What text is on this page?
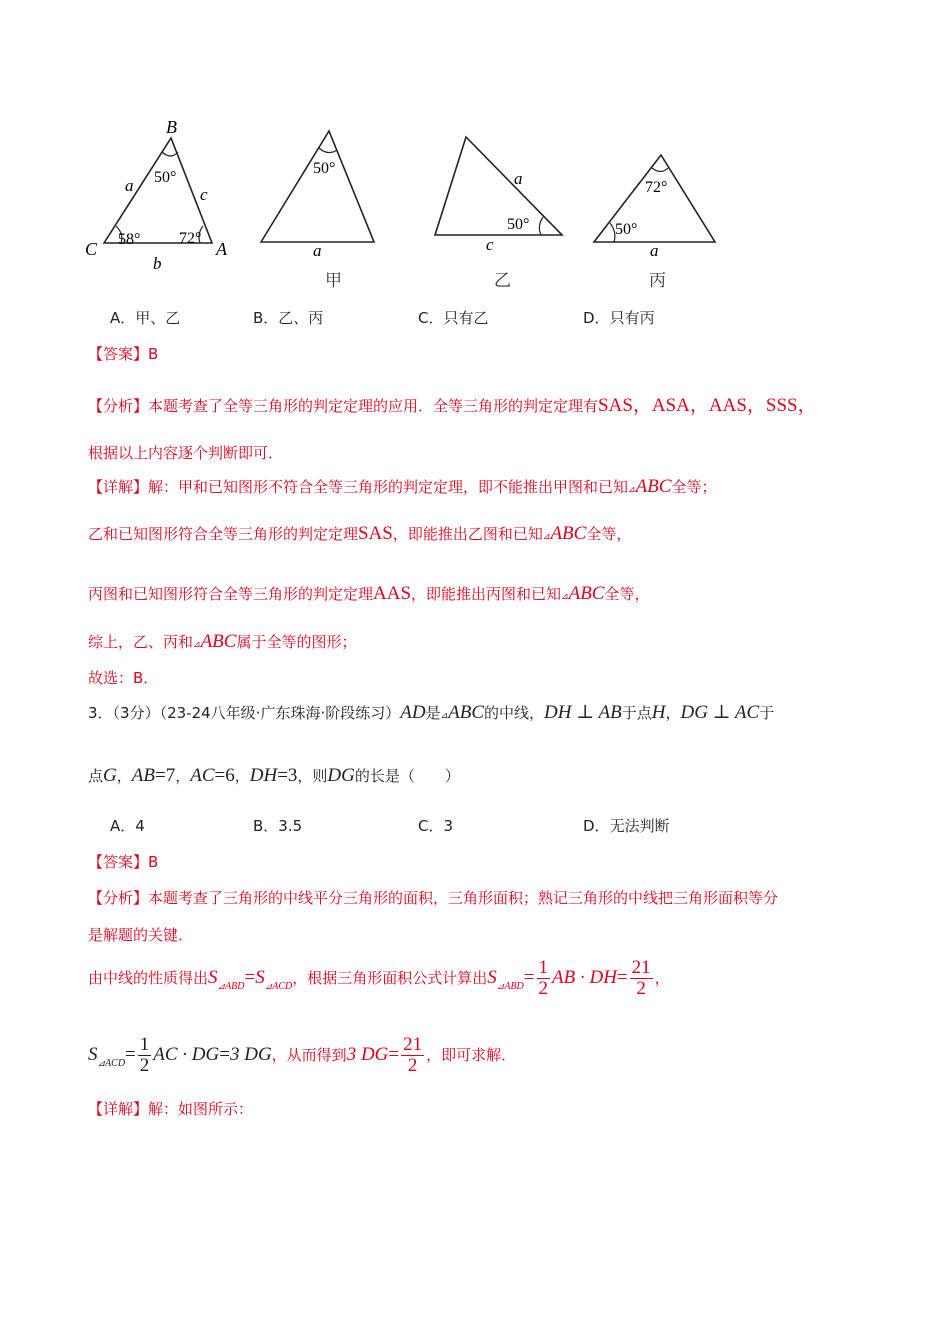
B
C	A
a	c
b
50°
58° 72°
50°
a
a
50°
c
72°
50°
a
甲	乙	丙
A．甲、乙	B．乙、丙	C．只有乙	D．只有丙
【答案】B
【分析】本题考查了全等三角形的判定定理的应用．全等三角形的判定定理有SAS，ASA，AAS，SSS，
根据以上内容逐个判断即可．
【详解】解：甲和已知图形不符合全等三角形的判定定理，即不能推出甲图和已知⊿ABC全等；
乙和已知图形符合全等三角形的判定定理SAS，即能推出乙图和已知⊿ABC全等，
丙图和已知图形符合全等三角形的判定定理AAS，即能推出丙图和已知⊿ABC全等，
综上，乙、丙和⊿ABC属于全等的图形；
故选：B．
3．（3分）（23-24八年级·广东珠海·阶段练习）AD是⊿ABC的中线，DH ⊥ AB于点H，DG ⊥ AC于
点G，AB=7，AC=6，DH=3，则DG的长是（　　）
A．4	B．3.5	C．3	D．无法判断
【答案】B
【分析】本题考查了三角形的中线平分三角形的面积，三角形面积；熟记三角形的中线把三角形面积等分
是解题的关键．
由中线的性质得出$S_{⊿ABD}=S_{⊿ACD}$，根据三角形面积公式计算出$S_{⊿ABD}= \frac{1}{2}$ AB · $DH= \frac{21}{2}$ ，
$S_{⊿ACD}= \frac{1}{2}$ AC · DG=3 DG，从而得到3 $DG= \frac{21}{2}$ ，即可求解．
【详解】解：如图所示：
